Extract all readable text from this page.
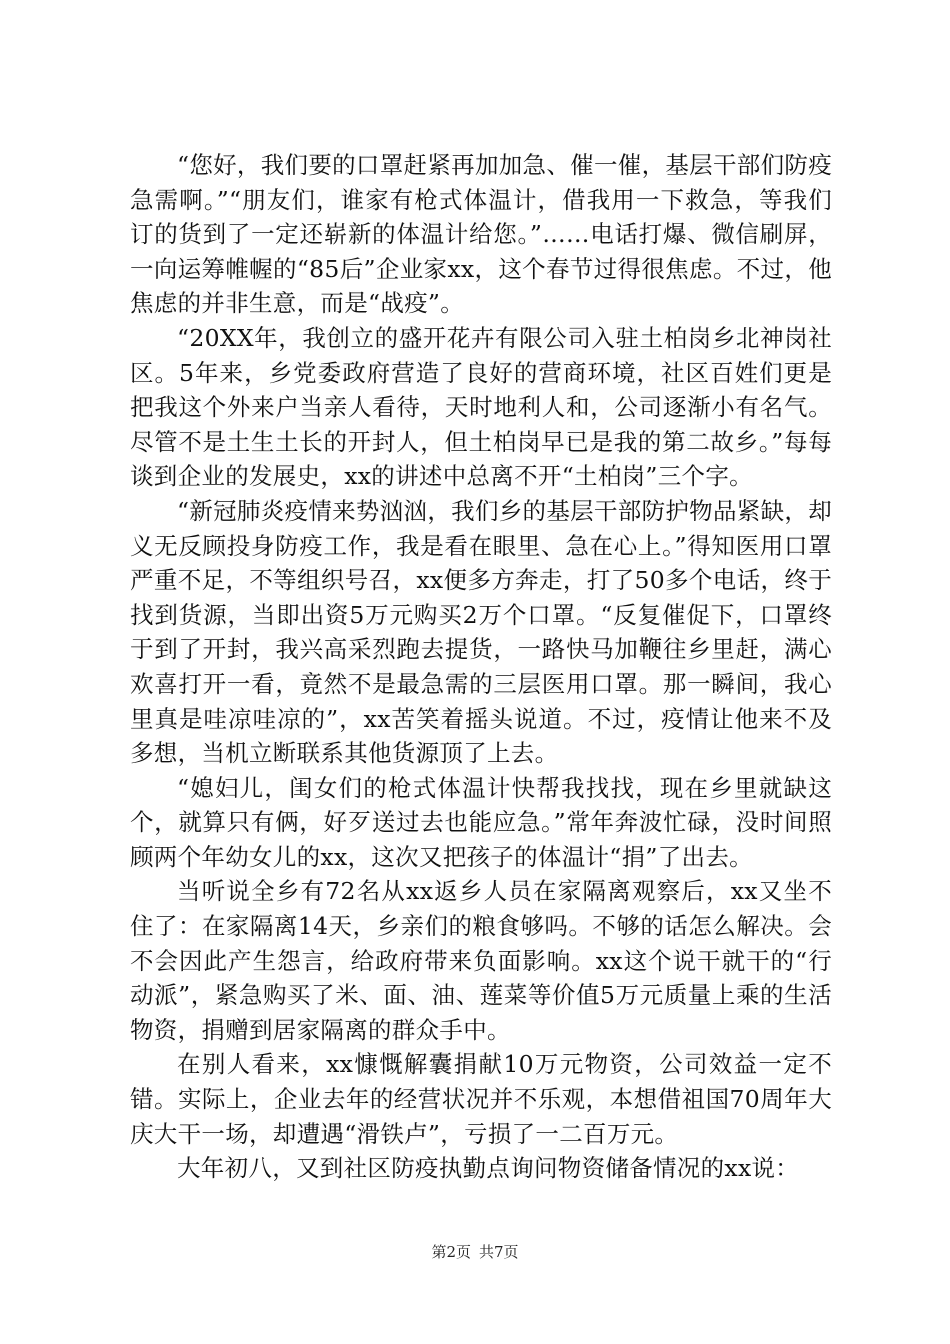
“您好，我们要的口罩赶紧再加加急、催一催，基层干部们防疫急需啊。”“朋友们，谁家有枪式体温计，借我用一下救急，等我们订的货到了一定还崭新的体温计给您。”……电话打爆、微信刷屏，一向运筹帷幄的“85后”企业家xx，这个春节过得很焦虑。不过，他焦虑的并非生意，而是“战疫”。

“20XX年，我创立的盛开花卉有限公司入驻土柏岗乡北神岗社区。5年来，乡党委政府营造了良好的营商环境，社区百姓们更是把我这个外来户当亲人看待，天时地利人和，公司逐渐小有名气。尽管不是土生土长的开封人，但土柏岗早已是我的第二故乡。”每每谈到企业的发展史，xx的讲述中总离不开“土柏岗”三个字。

“新冠肺炎疫情来势汹汹，我们乡的基层干部防护物品紧缺，却义无反顾投身防疫工作，我是看在眼里、急在心上。”得知医用口罩严重不足，不等组织号召，xx便多方奔走，打了50多个电话，终于找到货源，当即出资5万元购买2万个口罩。“反复催促下，口罩终于到了开封，我兴高采烈跑去提货，一路快马加鞭往乡里赶，满心欢喜打开一看，竟然不是最急需的三层医用口罩。那一瞬间，我心里真是哇凉哇凉的”，xx苦笑着摇头说道。不过，疫情让他来不及多想，当机立断联系其他货源顶了上去。

“媳妇儿，闺女们的枪式体温计快帮我找找，现在乡里就缺这个，就算只有俩，好歹送过去也能应急。”常年奔波忙碌，没时间照顾两个年幼女儿的xx，这次又把孩子的体温计“捐”了出去。

当听说全乡有72名从xx返乡人员在家隔离观察后，xx又坐不住了：在家隔离14天，乡亲们的粮食够吗。不够的话怎么解决。会不会因此产生怨言，给政府带来负面影响。xx这个说干就干的“行动派”，紧急购买了米、面、油、莲菜等价值5万元质量上乘的生活物资，捐赠到居家隔离的群众手中。

在别人看来，xx慷慨解囊捐献10万元物资，公司效益一定不错。实际上，企业去年的经营状况并不乐观，本想借祖国70周年大庆大干一场，却遭遇“滑铁卢”，亏损了一二百万元。

大年初八，又到社区防疫执勤点询问物资储备情况的xx说：

第2页 共7页
